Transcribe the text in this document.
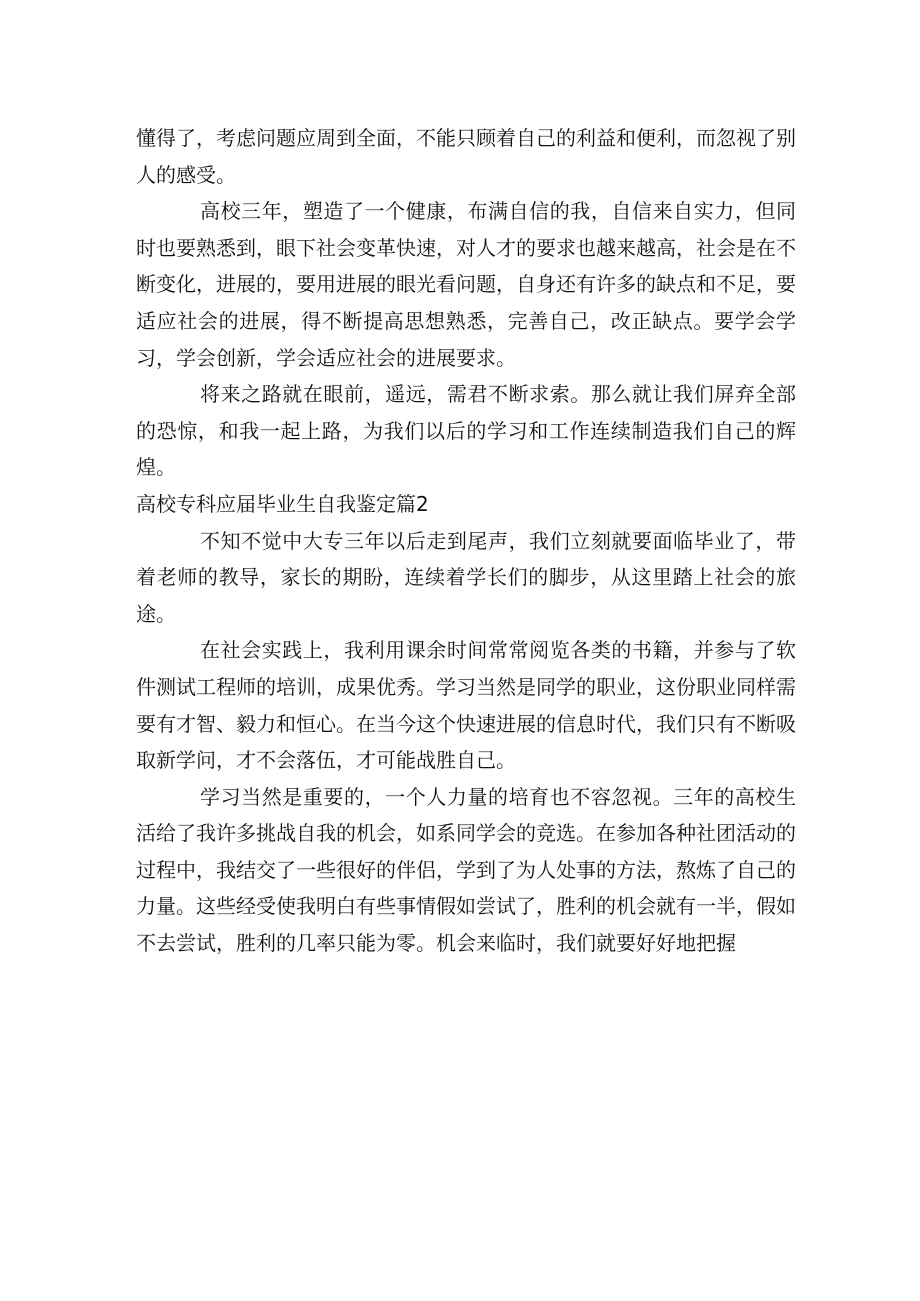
懂得了，考虑问题应周到全面，不能只顾着自己的利益和便利，而忽视了别人的感受。

高校三年，塑造了一个健康，布满自信的我，自信来自实力，但同时也要熟悉到，眼下社会变革快速，对人才的要求也越来越高，社会是在不断变化，进展的，要用进展的眼光看问题，自身还有许多的缺点和不足，要适应社会的进展，得不断提高思想熟悉，完善自己，改正缺点。要学会学习，学会创新，学会适应社会的进展要求。

将来之路就在眼前，遥远，需君不断求索。那么就让我们屏弃全部的恐惊，和我一起上路，为我们以后的学习和工作连续制造我们自己的辉煌。

高校专科应届毕业生自我鉴定篇2

不知不觉中大专三年以后走到尾声，我们立刻就要面临毕业了，带着老师的教导，家长的期盼，连续着学长们的脚步，从这里踏上社会的旅途。

在社会实践上，我利用课余时间常常阅览各类的书籍，并参与了软件测试工程师的培训，成果优秀。学习当然是同学的职业，这份职业同样需要有才智、毅力和恒心。在当今这个快速进展的信息时代，我们只有不断吸取新学问，才不会落伍，才可能战胜自己。

学习当然是重要的，一个人力量的培育也不容忽视。三年的高校生活给了我许多挑战自我的机会，如系同学会的竞选。在参加各种社团活动的过程中，我结交了一些很好的伴侣，学到了为人处事的方法，熬炼了自己的力量。这些经受使我明白有些事情假如尝试了，胜利的机会就有一半，假如不去尝试，胜利的几率只能为零。机会来临时，我们就要好好地把握
